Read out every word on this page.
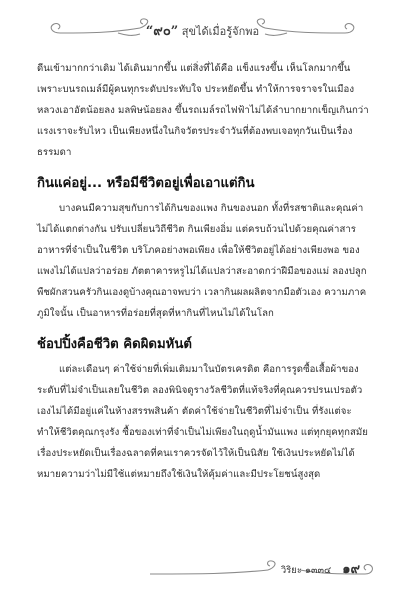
“๙๐” สุขได้เมื่อรู้จักพอ

ดีนเข้ามากกว่าเดิม ได้เดินมากขึ้น แต่สิ่งที่ได้คือ แข็งแรงขึ้น เห็นโลกมากขึ้น เพราะบนรถเมล์มีผู้คนทุกระดับประทับใจ ประหยัดขึ้น ทำให้การจราจรในเมืองหลวงเอาอัตน้อยลง มลพิษน้อยลง ขึ้นรถเมล์รถไฟฟ้าไม่ได้ลำบากยากเข็ญเกินกว่าแรงเราจะรับไหว เป็นเพียงหนึ่งในกิจวัตรประจำวันที่ต้องพบเจอทุกวันเป็นเรื่องธรรมดา

กินแค่อยู่... หรือมีชีวิตอยู่เพื่อเอาแต่กิน

บางคนมีความสุขกับการได้กินของแพง กินของนอก ทั้งที่รสชาติและคุณค่าไม่ได้แตกต่างกัน ปรับเปลี่ยนวิถีชีวิต กินเพียงอิ่ม แต่ครบถ้วนไปด้วยคุณค่าสารอาหารที่จำเป็นในชีวิต บริโภคอย่างพอเพียง เพื่อให้ชีวิตอยู่ได้อย่างเพียงพอ ของแพงไม่ได้แปลว่าอร่อย ภัตตาคารหรูไม่ได้แปลว่าสะอาดกว่าฝีมือของแม่ ลองปลูกพืชผักสวนครัวกินเองดูบ้างคุณอาจพบว่า เวลากินผลผลิตจากมือตัวเอง ความภาคภูมิใจนั้น เป็นอาหารที่อร่อยที่สุดที่หากินที่ไหนไม่ได้ในโลก

ช้อปปิ้งคือชีวิต คิดผิดมหันต์

แต่ละเดือนๆ ค่าใช้จ่ายที่เพิ่มเติมมาในบัตรเครดิต คือการรูดซื้อเสื้อผ้าของระดับที่ไม่จำเป็นเลยในชีวิต ลองพินิจดูรางวัลชีวิตที่แท้จริงที่คุณควรปรนเปรอตัวเองไม่ได้มีอยู่แค่ในห้างสรรพสินค้า ตัดค่าใช้จ่ายในชีวิตที่ไม่จำเป็น ที่รังแต่จะทำให้ชีวิตคุณกรุงรัง ซื้อของเท่าที่จำเป็นไม่เพียงในฤดูน้ำมันแพง แต่ทุกยุคทุกสมัยเรื่องประหยัดเป็นเรื่องฉลาดที่คนเราควรจัดไว้ให้เป็นนิสัย ใช้เงินประหยัดไม่ได้หมายความว่าไม่มีใช้แต่หมายถึงใช้เงินให้คุ้มค่าและมีประโยชน์สูงสุด

วิริยะ ๑๓๓๔ ๑๙
